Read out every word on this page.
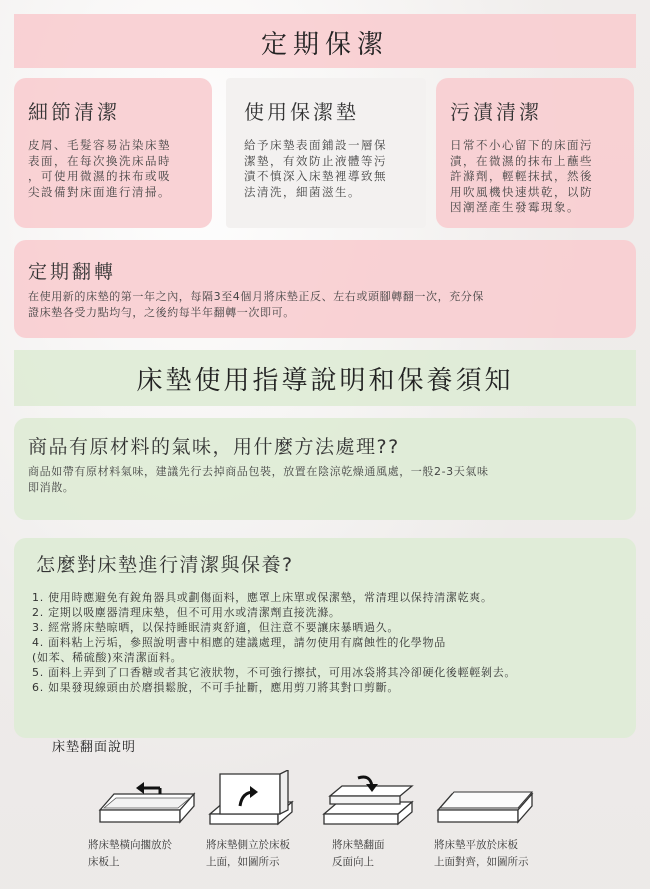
定期保潔
細節清潔
皮屑、毛髮容易沾染床墊
表面，在每次換洗床品時
，可使用微濕的抹布或吸
尖設備對床面進行清掃。
使用保潔墊
給予床墊表面鋪設一層保
潔墊，有效防止液體等污
漬不慎深入床墊裡導致無
法清洗，細菌滋生。
污漬清潔
日常不小心留下的床面污
漬，在微濕的抹布上蘸些
許滌劑，輕輕抹拭，然後
用吹風機快速烘乾，以防
因潮溼產生發霉現象。
定期翻轉
在使用新的床墊的第一年之內，每隔3至4個月將床墊正反、左右或頭腳轉翻一次，充分保
證床墊各受力點均勻，之後約每半年翻轉一次即可。
床墊使用指導說明和保養須知
商品有原材料的氣味，用什麼方法處理??
商品如帶有原材料氣味，建議先行去掉商品包裝，放置在陰涼乾燥通風處，一般2-3天氣味
即消散。
怎麼對床墊進行清潔與保養?
1. 使用時應避免有銳角器具或劃傷面料，應罩上床單或保潔墊，常清理以保持清潔乾爽。
2. 定期以吸塵器清理床墊，但不可用水或清潔劑直接洗滌。
3. 經常將床墊晾晒，以保持睡眠清爽舒適，但注意不要讓床暴晒過久。
4. 面料粘上污垢，參照說明書中相應的建議處理，請勿使用有腐蝕性的化學物品
(如苯、稀硫酸)來清潔面料。
5. 面料上弄到了口香糖或者其它液狀物，不可強行擦拭，可用冰袋將其冷卻硬化後輕輕剝去。
6. 如果發現線頭由於磨損鬆脫，不可手扯斷，應用剪刀將其對口剪斷。
床墊翻面說明
將床墊橫向擱放於
床板上
將床墊側立於床板
上面，如圖所示
將床墊翻面
反面向上
將床墊平放於床板
上面對齊，如圖所示
